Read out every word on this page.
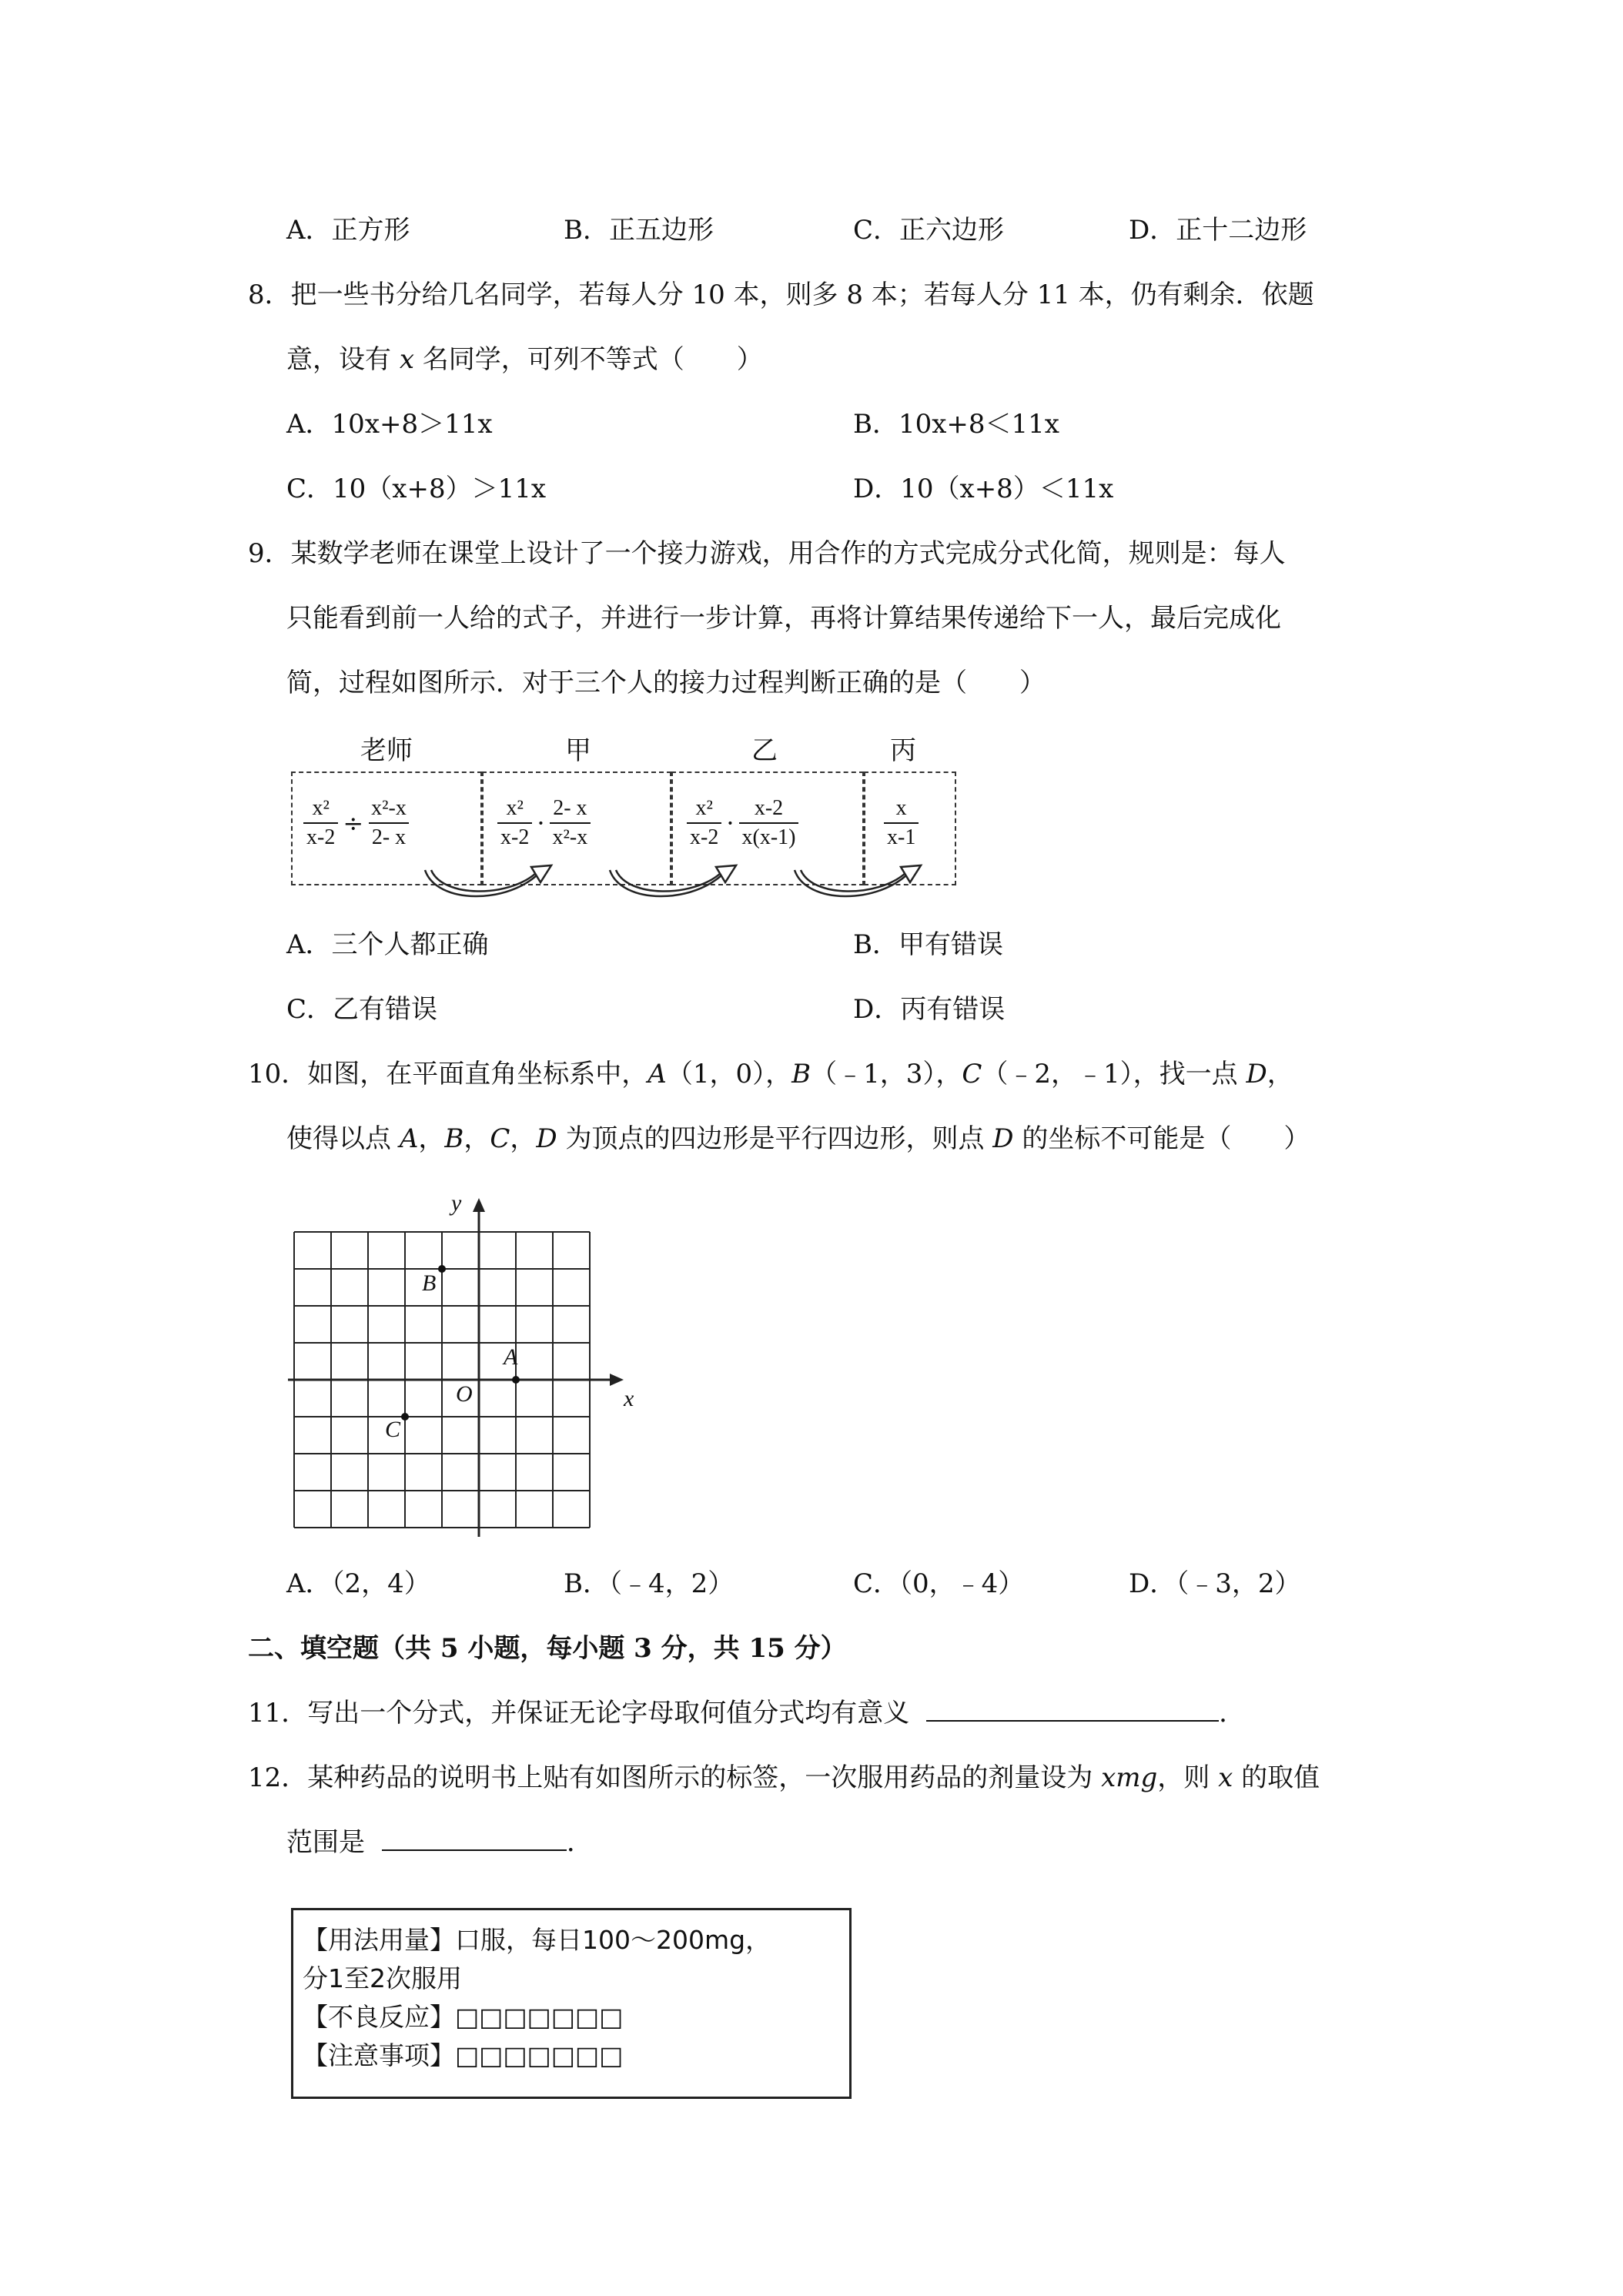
A．正方形	B．正五边形	C．正六边形	D．正十二边形
8．把一些书分给几名同学，若每人分 10 本，则多 8 本；若每人分 11 本，仍有剩余．依题
意，设有 x 名同学，可列不等式（　　）
A．10x+8＞11x	B．10x+8＜11x
C．10（x+8）＞11x	D．10（x+8）＜11x
9．某数学老师在课堂上设计了一个接力游戏，用合作的方式完成分式化简，规则是：每人
只能看到前一人给的式子，并进行一步计算，再将计算结果传递给下一人，最后完成化
简，过程如图所示．对于三个人的接力过程判断正确的是（　　）
老师	甲	乙	丙
$\frac{\text{x²}}{x-2} \div \frac{\text{x²-x}}{2- x}$	$\frac{\text{x²}}{x-2} \cdot \frac{2- x}{\text{x²-x}}$	$\frac{\text{x²}}{x-2} \cdot \frac{x-2}{x(x-1)}$	$\frac{x}{x-1}$
A．三个人都正确	B．甲有错误
C．乙有错误	D．丙有错误
10．如图，在平面直角坐标系中，A（1，0），B（﹣1，3），C（﹣2，﹣1），找一点 D，
使得以点 A，B，C，D 为顶点的四边形是平行四边形，则点 D 的坐标不可能是（　　）
y
x
O
B
A
C
A．（2，4）	B．（﹣4，2）	C．（0，﹣4）	D．（﹣3，2）
二、填空题（共 5 小题，每小题 3 分，共 15 分）
11．写出一个分式，并保证无论字母取何值分式均有意义	．
12．某种药品的说明书上贴有如图所示的标签，一次服用药品的剂量设为 xmg，则 x 的取值
范围是	．
【用法用量】口服，每日100～200mg，
分1至2次服用
【不良反应】□□□□□□□
【注意事项】□□□□□□□
